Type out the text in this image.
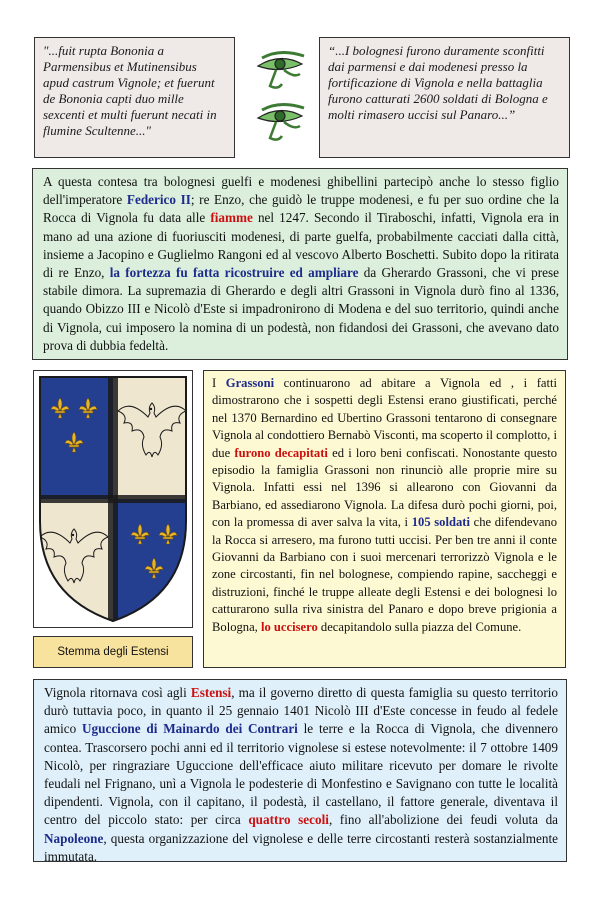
"...fuit rupta Bononia a Parmensibus et Mutinensibus apud castrum Vignole; et fuerunt de Bononia capti duo mille sexcenti et multi fuerunt necati in flumine Scultenne..."
“...I bolognesi furono duramente sconfitti dai parmensi e dai modenesi presso la fortificazione di Vignola e nella battaglia furono catturati 2600 soldati di Bologna e molti rimasero uccisi sul Panaro...”
A questa contesa tra bolognesi guelfi e modenesi ghibellini partecipò anche lo stesso figlio dell'imperatore Federico II; re Enzo, che guidò le truppe modenesi, e fu per suo ordine che la Rocca di Vignola fu data alle fiamme nel 1247. Secondo il Tiraboschi, infatti, Vignola era in mano ad una azione di fuoriusciti modenesi, di parte guelfa, probabilmente cacciati dalla città, insieme a Jacopino e Guglielmo Rangoni ed al vescovo Alberto Boschetti. Subito dopo la ritirata di re Enzo, la fortezza fu fatta ricostruire ed ampliare da Gherardo Grassoni, che vi prese stabile dimora. La supremazia di Gherardo e degli altri Grassoni in Vignola durò fino al 1336, quando Obizzo III e Nicolò d'Este si impadronirono di Modena e del suo territorio, quindi anche di Vignola, cui imposero la nomina di un podestà, non fidandosi dei Grassoni, che avevano dato prova di dubbia fedeltà.
Stemma degli Estensi
I Grassoni continuarono ad abitare a Vignola ed , i fatti dimostrarono che i sospetti degli Estensi erano giustificati, perché nel 1370 Bernardino ed Ubertino Grassoni tentarono di consegnare Vignola al condottiero Bernabò Visconti, ma scoperto il complotto, i due furono decapitati ed i loro beni confiscati. Nonostante questo episodio la famiglia Grassoni non rinunciò alle proprie mire su Vignola. Infatti essi nel 1396 si allearono con Giovanni da Barbiano, ed assediarono Vignola. La difesa durò pochi giorni, poi, con la promessa di aver salva la vita, i 105 soldati che difendevano la Rocca si arresero, ma furono tutti uccisi. Per ben tre anni il conte Giovanni da Barbiano con i suoi mercenari terrorizzò Vignola e le zone circostanti, fin nel bolognese, compiendo rapine, saccheggi e distruzioni, finché le truppe alleate degli Estensi e dei bolognesi lo catturarono sulla riva sinistra del Panaro e dopo breve prigionia a Bologna, lo uccisero decapitandolo sulla piazza del Comune.
Vignola ritornava così agli Estensi, ma il governo diretto di questa famiglia su questo territorio durò tuttavia poco, in quanto il 25 gennaio 1401 Nicolò III d'Este concesse in feudo al fedele amico Uguccione di Mainardo dei Contrari le terre e la Rocca di Vignola, che divennero contea. Trascorsero pochi anni ed il territorio vignolese si estese notevolmente: il 7 ottobre 1409 Nicolò, per ringraziare Uguccione dell'efficace aiuto militare ricevuto per domare le rivolte feudali nel Frignano, unì a Vignola le podesterie di Monfestino e Savignano con tutte le località dipendenti. Vignola, con il capitano, il podestà, il castellano, il fattore generale, diventava il centro del piccolo stato: per circa quattro secoli, fino all'abolizione dei feudi voluta da Napoleone, questa organizzazione del vignolese e delle terre circostanti resterà sostanzialmente immutata.
